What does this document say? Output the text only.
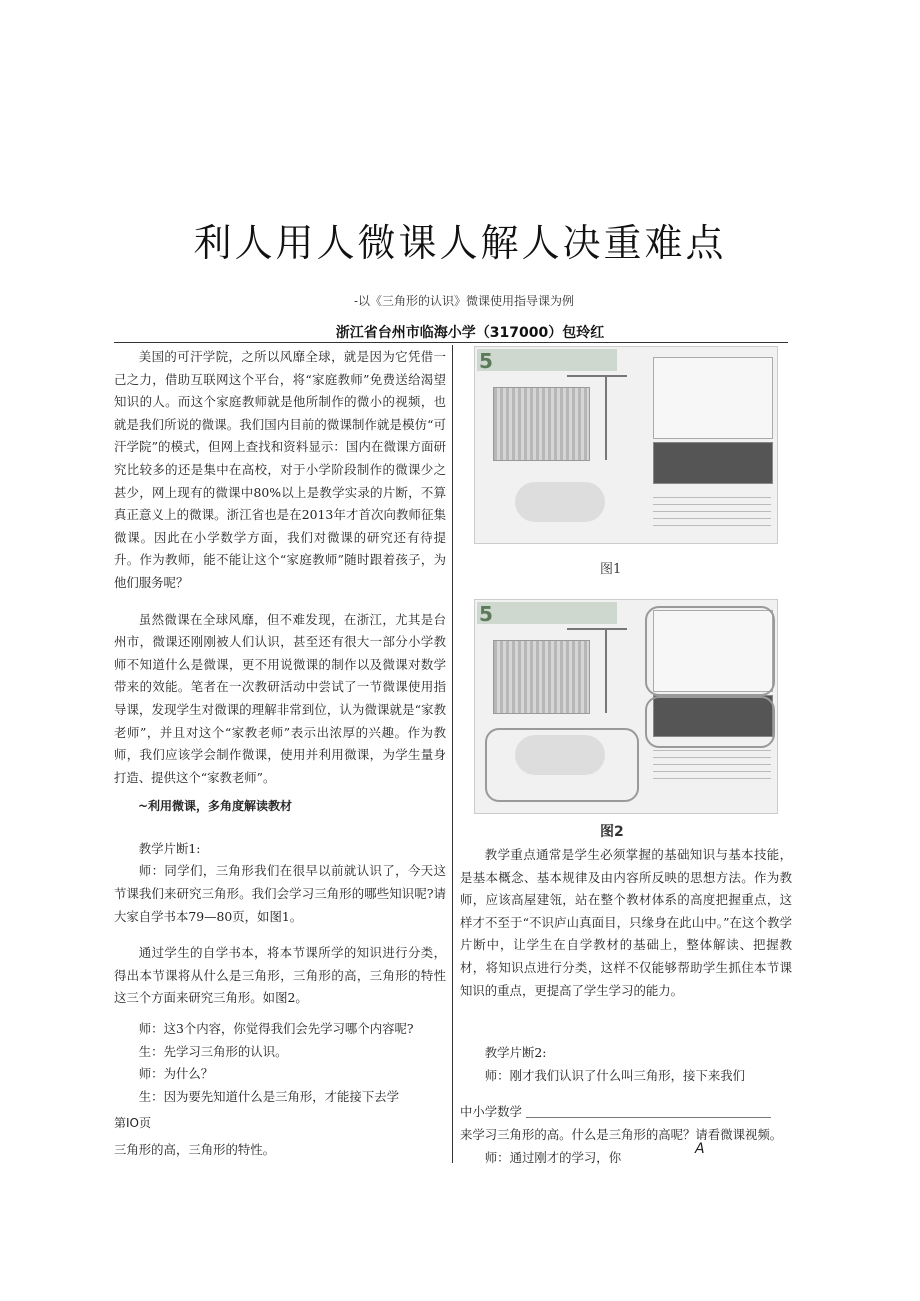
利人用人微课人解人决重难点
-以《三角形的认识》微课使用指导课为例
浙江省台州市临海小学（317000）包玲红

美国的可汗学院，之所以风靡全球，就是因为它凭借一己之力，借助互联网这个平台，将“家庭教师”免费送给渴望知识的人。而这个家庭教师就是他所制作的微小的视频，也就是我们所说的微课。我们国内目前的微课制作就是模仿“可汗学院”的模式，但网上查找和资料显示：国内在微课方面研究比较多的还是集中在高校，对于小学阶段制作的微课少之甚少，网上现有的微课中80%以上是教学实录的片断，不算真正意义上的微课。浙江省也是在2013年才首次向教师征集微课。因此在小学数学方面，我们对微课的研究还有待提升。作为教师，能不能让这个“家庭教师”随时跟着孩子，为他们服务呢？

虽然微课在全球风靡，但不难发现，在浙江，尤其是台州市，微课还刚刚被人们认识，甚至还有很大一部分小学教师不知道什么是微课，更不用说微课的制作以及微课对数学带来的效能。笔者在一次教研活动中尝试了一节微课使用指导课，发现学生对微课的理解非常到位，认为微课就是“家教老师”，并且对这个“家教老师”表示出浓厚的兴趣。作为教师，我们应该学会制作微课，使用并利用微课，为学生量身打造、提供这个“家教老师”。

~利用微课，多角度解读教材

教学片断1:

师：同学们，三角形我们在很早以前就认识了，今天这节课我们来研究三角形。我们会学习三角形的哪些知识呢?请大家自学书本79—80页，如图1。

通过学生的自学书本，将本节课所学的知识进行分类，得出本节课将从什么是三角形，三角形的高，三角形的特性这三个方面来研究三角形。如图2。

师：这3个内容，你觉得我们会先学习哪个内容呢?

生：先学习三角形的认识。

师：为什么？

生：因为要先知道什么是三角形，才能接下去学

第IO页

三角形的高，三角形的特性。

5
图1
5
图2

教学重点通常是学生必须掌握的基础知识与基本技能，是基本概念、基本规律及由内容所反映的思想方法。作为教师，应该高屋建瓴，站在整个教材体系的高度把握重点，这样才不至于“不识庐山真面目，只缘身在此山中。”在这个教学片断中，让学生在自学教材的基础上，整体解读、把握教材，将知识点进行分类，这样不仅能够帮助学生抓住本节课知识的重点，更提高了学生学习的能力。

教学片断2:

师：刚才我们认识了什么叫三角形，接下来我们

中小学数学

来学习三角形的高。什么是三角形的高呢？请看微课视频。

师：通过刚才的学习，你

A
